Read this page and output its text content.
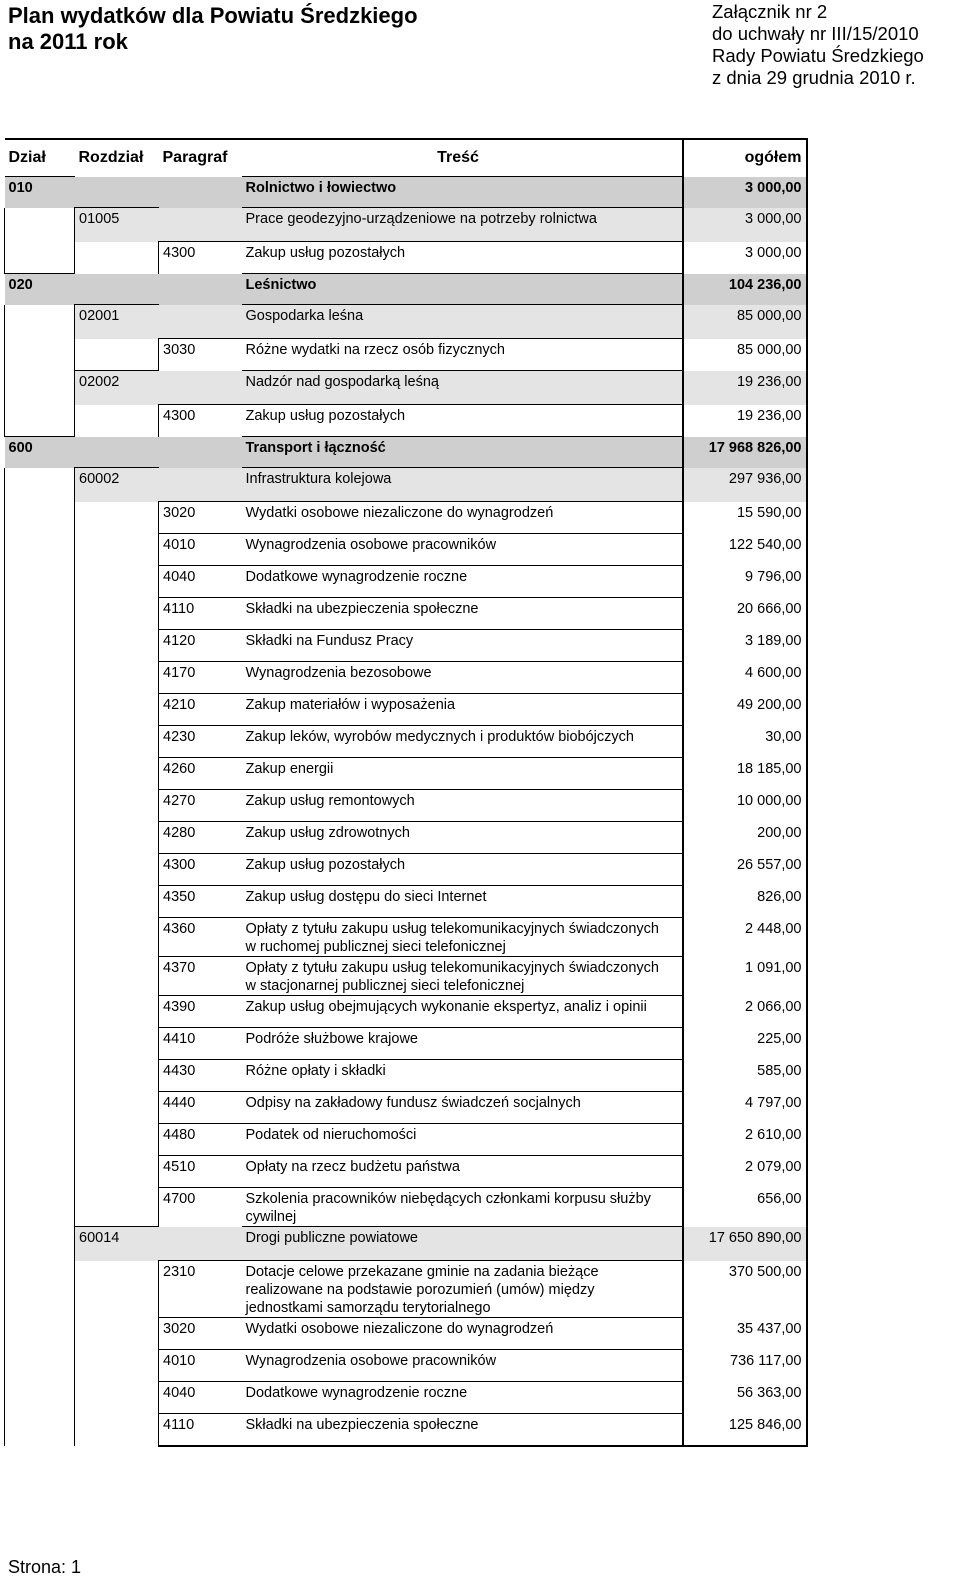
Plan wydatków dla Powiatu Średzkiego
na 2011 rok
Załącznik nr 2
do uchwały nr III/15/2010
Rady Powiatu Średzkiego
z dnia 29 grudnia 2010 r.
Dział	Rozdział	Paragraf	Treść		ogółem
010			Rolnictwo i łowiectwo		3 000,00
	01005		Prace geodezyjno-urządzeniowe na potrzeby rolnictwa		3 000,00
		4300	Zakup usług pozostałych		3 000,00
020			Leśnictwo		104 236,00
	02001		Gospodarka leśna		85 000,00
		3030	Różne wydatki na rzecz osób fizycznych		85 000,00
	02002		Nadzór nad gospodarką leśną		19 236,00
		4300	Zakup usług pozostałych		19 236,00
600			Transport i łączność		17 968 826,00
	60002		Infrastruktura kolejowa		297 936,00
		3020	Wydatki osobowe niezaliczone do wynagrodzeń		15 590,00
		4010	Wynagrodzenia osobowe pracowników		122 540,00
		4040	Dodatkowe wynagrodzenie roczne		9 796,00
		4110	Składki na ubezpieczenia społeczne		20 666,00
		4120	Składki na Fundusz Pracy		3 189,00
		4170	Wynagrodzenia bezosobowe		4 600,00
		4210	Zakup materiałów i wyposażenia		49 200,00
		4230	Zakup leków, wyrobów medycznych i produktów biobójczych		30,00
		4260	Zakup energii		18 185,00
		4270	Zakup usług remontowych		10 000,00
		4280	Zakup usług zdrowotnych		200,00
		4300	Zakup usług pozostałych		26 557,00
		4350	Zakup usług dostępu do sieci Internet		826,00
		4360	Opłaty z tytułu zakupu usług telekomunikacyjnych świadczonych w ruchomej publicznej sieci telefonicznej		2 448,00
		4370	Opłaty z tytułu zakupu usług telekomunikacyjnych świadczonych w stacjonarnej publicznej sieci telefonicznej		1 091,00
		4390	Zakup usług obejmujących wykonanie ekspertyz, analiz i opinii		2 066,00
		4410	Podróże służbowe krajowe		225,00
		4430	Różne opłaty i składki		585,00
		4440	Odpisy na zakładowy fundusz świadczeń socjalnych		4 797,00
		4480	Podatek od nieruchomości		2 610,00
		4510	Opłaty na rzecz budżetu państwa		2 079,00
		4700	Szkolenia pracowników niebędących członkami korpusu służby cywilnej		656,00
	60014		Drogi publiczne powiatowe		17 650 890,00
		2310	Dotacje celowe przekazane gminie na zadania bieżące realizowane na podstawie porozumień (umów) między jednostkami samorządu terytorialnego		370 500,00
		3020	Wydatki osobowe niezaliczone do wynagrodzeń		35 437,00
		4010	Wynagrodzenia osobowe pracowników		736 117,00
		4040	Dodatkowe wynagrodzenie roczne		56 363,00
		4110	Składki na ubezpieczenia społeczne		125 846,00
Strona: 1
